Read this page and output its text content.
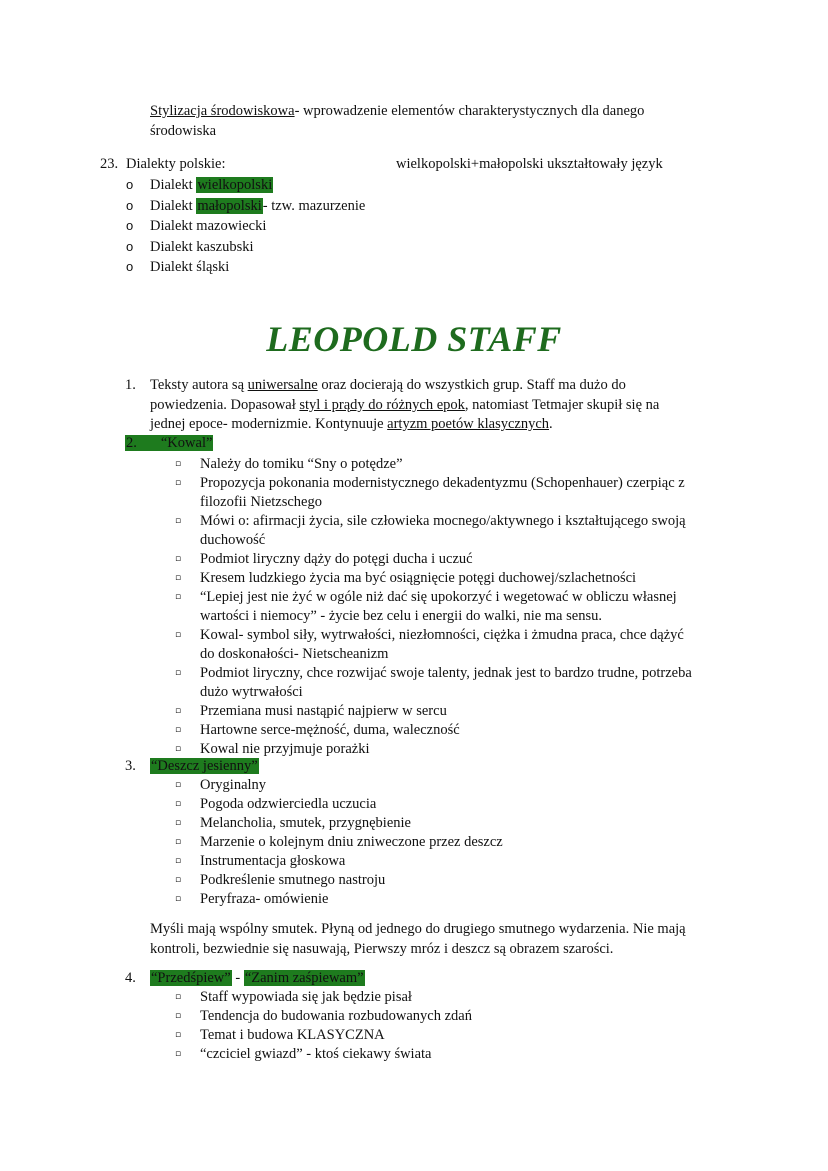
Stylizacja środowiskowa- wprowadzenie elementów charakterystycznych dla danego
środowiska
23. Dialekty polskie:	wielkopolski+małopolski ukształtowały język
o Dialekt wielkopolski
o Dialekt małopolski- tzw. mazurzenie
o Dialekt mazowiecki
o Dialekt kaszubski
o Dialekt śląski
LEOPOLD STAFF
1. Teksty autora są uniwersalne oraz docierają do wszystkich grup. Staff ma dużo do
powiedzenia. Dopasował styl i prądy do różnych epok, natomiast Tetmajer skupił się na
jednej epoce- modernizmie. Kontynuuje artyzm poetów klasycznych.
2. “Kowal”
▫ Należy do tomiku “Sny o potędze”
▫ Propozycja pokonania modernistycznego dekadentyzmu (Schopenhauer) czerpiąc z
filozofii Nietzschego
▫ Mówi o: afirmacji życia, sile człowieka mocnego/aktywnego i kształtującego swoją
duchowość
▫ Podmiot liryczny dąży do potęgi ducha i uczuć
▫ Kresem ludzkiego życia ma być osiągnięcie potęgi duchowej/szlachetności
▫ “Lepiej jest nie żyć w ogóle niż dać się upokorzyć i wegetować w obliczu własnej
wartości i niemocy” - życie bez celu i energii do walki, nie ma sensu.
▫ Kowal- symbol siły, wytrwałości, niezłomności, ciężka i żmudna praca, chce dążyć
do doskonałości- Nietscheanizm
▫ Podmiot liryczny, chce rozwijać swoje talenty, jednak jest to bardzo trudne, potrzeba
dużo wytrwałości
▫ Przemiana musi nastąpić najpierw w sercu
▫ Hartowne serce-mężność, duma, waleczność
▫ Kowal nie przyjmuje porażki
3. “Deszcz jesienny”
▫ Oryginalny
▫ Pogoda odzwierciedla uczucia
▫ Melancholia, smutek, przygnębienie
▫ Marzenie o kolejnym dniu zniweczone przez deszcz
▫ Instrumentacja głoskowa
▫ Podkreślenie smutnego nastroju
▫ Peryfraza- omówienie
Myśli mają wspólny smutek. Płyną od jednego do drugiego smutnego wydarzenia. Nie mają
kontroli, bezwiednie się nasuwają, Pierwszy mróz i deszcz są obrazem szarości.
4. “Przedśpiew” - “Zanim zaśpiewam”
▫ Staff wypowiada się jak będzie pisał
▫ Tendencja do budowania rozbudowanych zdań
▫ Temat i budowa KLASYCZNA
▫ “czciciel gwiazd” - ktoś ciekawy świata
